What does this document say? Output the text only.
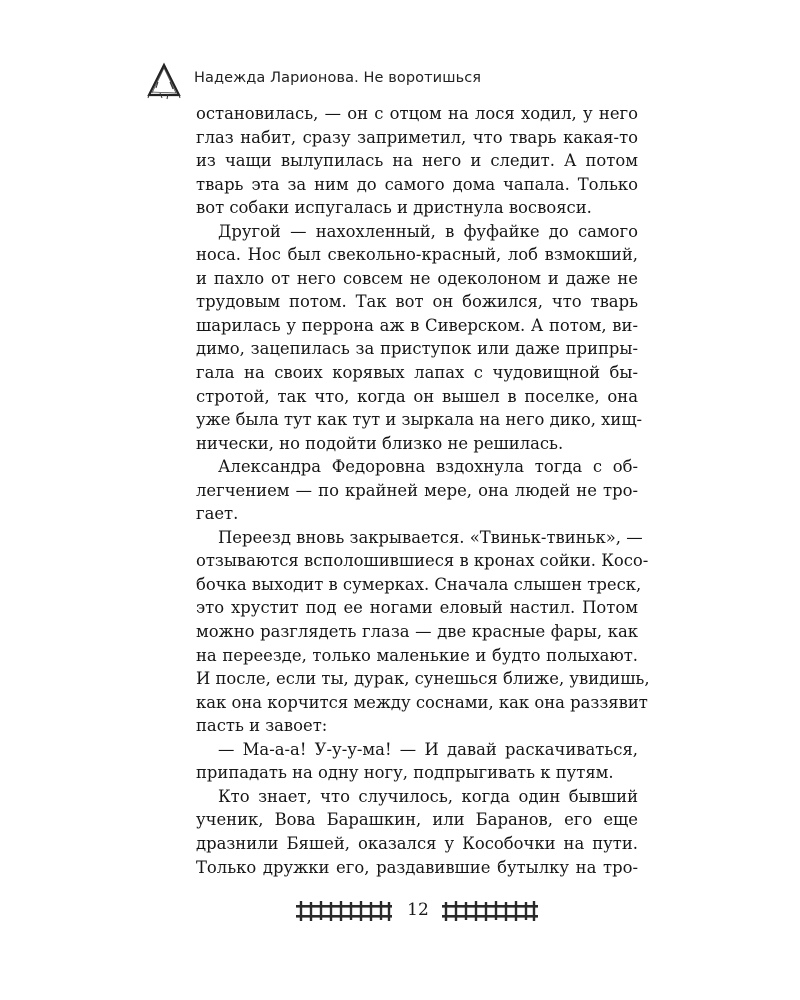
Надежда Ларионова. Не воротишься
остановилась, — он с отцом на лося ходил, у него
глаз набит, сразу заприметил, что тварь какая-то
из чащи вылупилась на него и следит. А потом
тварь эта за ним до самого дома чапала. Только
вот собаки испугалась и дристнула восвояси.
Другой — нахохленный, в фуфайке до самого
носа. Нос был свекольно-красный, лоб взмокший,
и пахло от него совсем не одеколоном и даже не
трудовым потом. Так вот он божился, что тварь
шарилась у перрона аж в Сиверском. А потом, ви-
димо, зацепилась за приступок или даже припры-
гала на своих корявых лапах с чудовищной бы-
стротой, так что, когда он вышел в поселке, она
уже была тут как тут и зыркала на него дико, хищ-
нически, но подойти близко не решилась.
Александра Федоровна вздохнула тогда с об-
легчением — по крайней мере, она людей не тро-
гает.
Переезд вновь закрывается. «Твиньк-твиньк», —
отзываются всполошившиеся в кронах сойки. Косо-
бочка выходит в сумерках. Сначала слышен треск,
это хрустит под ее ногами еловый настил. Потом
можно разглядеть глаза — две красные фары, как
на переезде, только маленькие и будто полыхают.
И после, если ты, дурак, сунешься ближе, увидишь,
как она корчится между соснами, как она раззявит
пасть и завоет:
— Ма-а-а! У-у-у-ма! — И давай раскачиваться,
припадать на одну ногу, подпрыгивать к путям.
Кто знает, что случилось, когда один бывший
ученик, Вова Барашкин, или Баранов, его еще
дразнили Бяшей, оказался у Кособочки на пути.
Только дружки его, раздавившие бутылку на тро-
12
